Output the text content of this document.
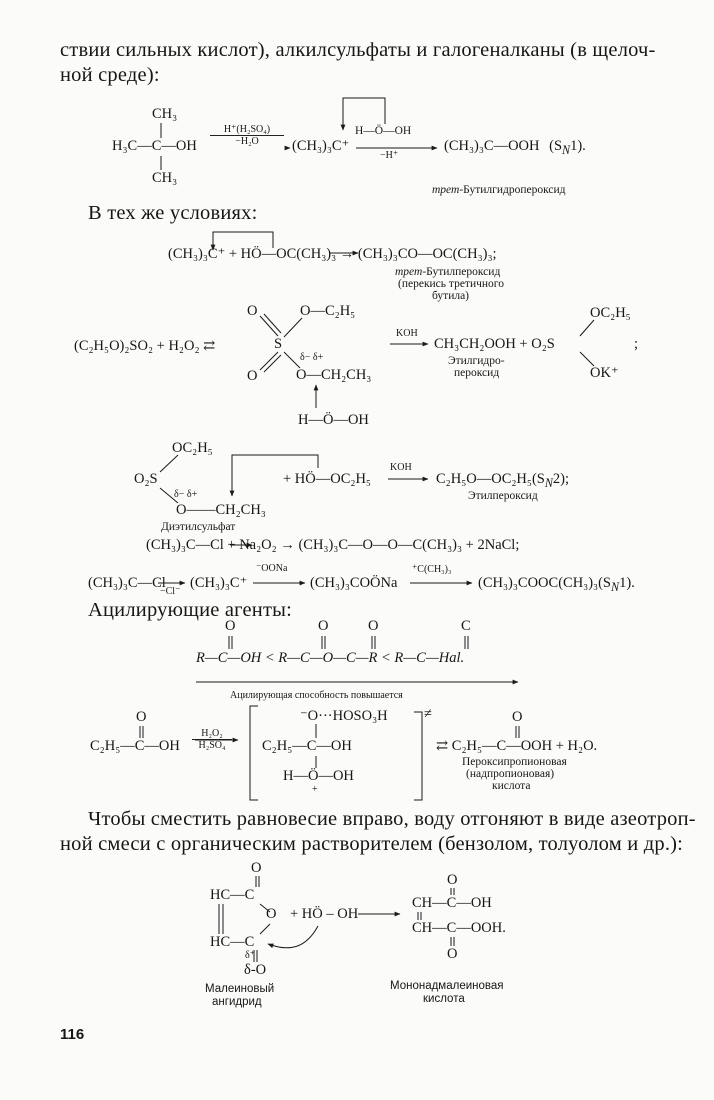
ствии сильных кислот), алкилсульфаты и галогеналканы (в щелоч-
ной среде):
CH₃
H₃C—C—OH
CH₃
H⁺(H₂SO₄)
−H₂O	(CH₃)₃C⁺
H—Ö—OH
−H⁺
(CH₃)₃C—OOH $(S_N1)$.
трет-Бутилгидропероксид
В тех же условиях:
(CH₃)₃C⁺ + HÖ—OC(CH₃)₃ → (CH₃)₃CO—OC(CH₃)₃;
трет-Бутилпероксид
(перекись третичного
бутила)
O	O—C₂H₅
(C₂H₅O)₂SO₂ + H₂O₂ ⇄	S
δ− δ+
O	O—CH₂CH₃
H—Ö—OH
KOH
CH₃CH₂OOH + O₂S
OC₂H₅
OK⁺
;
Этилгидро-
пероксид
OC₂H₅
O₂S
δ− δ+
O——CH₂CH₃
+ HÖ—OC₂H₅
KOH
$C_2H_5O—OC_2H_5(S_N2)$;
Диэтилсульфат
Этилпероксид
(CH₃)₃C—Cl + Na₂O₂ → (CH₃)₃C—O—O—C(CH₃)₃ + 2NaCl;
(CH₃)₃C—Cl
−Cl⁻
(CH₃)₃C⁺
⁻OONa
(CH₃)₃COÖNa
⁺C(CH₃)₃
$(CH_3)_3COOC(CH_3)_3(S_N1)$.
Ацилирующие агенты:
O	O	O	C
R—C—OH < R—C—O—C—R < R—C—Hal.
Ацилирующая способность повышается
O
C₂H₅—C—OH
H₂O₂
H₂SO₄
⁻O···HOSO₃H	≠
C₂H₅—C—OH
H—Ö—OH
+
O
⇄ C₂H₅—C—OOH + H₂O.
Пероксипропионовая
(надпропионовая)
кислота
Чтобы сместить равновесие вправо, воду отгоняют в виде азеотроп-
ной смеси с органическим растворителем (бензолом, толуолом и др.):
O
HC—C
O + HÖ – OH
HC—C
δ⁺
δ-O
Малеиновый
ангидрид
O
CH—C—OH
CH—C—OOH.
O
Мононадмалеиновая
кислота
116
